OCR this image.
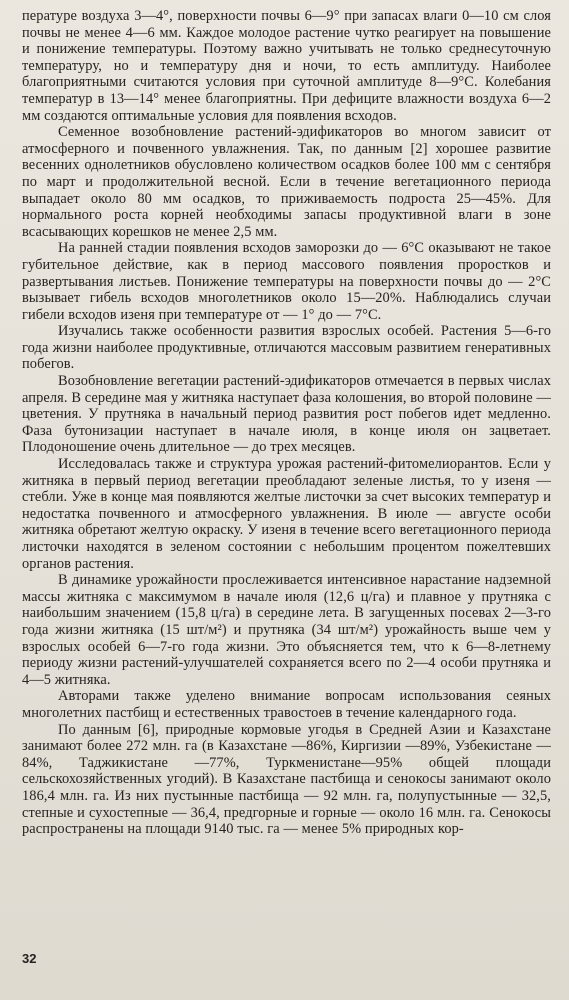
пературе воздуха 3—4°, поверхности почвы 6—9° при запасах влаги 0—10 см слоя почвы не менее 4—6 мм. Каждое молодое растение чутко реагирует на повышение и понижение температуры. Поэтому важно учитывать не только среднесуточную температуру, но и температуру дня и ночи, то есть амплитуду. Наиболее благоприятными считаются условия при суточной амплитуде 8—9°С. Колебания температур в 13—14° менее благоприятны. При дефиците влажности воздуха 6—2 мм создаются оптимальные условия для появления всходов.

Семенное возобновление растений-эдификаторов во многом зависит от атмосферного и почвенного увлажнения. Так, по данным [2] хорошее развитие весенних однолетников обусловлено количеством осадков более 100 мм с сентября по март и продолжительной весной. Если в течение вегетационного периода выпадает около 80 мм осадков, то приживаемость подроста 25—45%. Для нормального роста корней необходимы запасы продуктивной влаги в зоне всасывающих корешков не менее 2,5 мм.

На ранней стадии появления всходов заморозки до — 6°С оказывают не такое губительное действие, как в период массового появления проростков и развертывания листьев. Понижение температуры на поверхности почвы до — 2°С вызывает гибель всходов многолетников около 15—20%. Наблюдались случаи гибели всходов изеня при температуре от — 1° до — 7°С.

Изучались также особенности развития взрослых особей. Растения 5—6-го года жизни наиболее продуктивные, отличаются массовым развитием генеративных побегов.

Возобновление вегетации растений-эдификаторов отмечается в первых числах апреля. В середине мая у житняка наступает фаза колошения, во второй половине — цветения. У прутняка в начальный период развития рост побегов идет медленно. Фаза бутонизации наступает в начале июля, в конце июля он зацветает. Плодоношение очень длительное — до трех месяцев.

Исследовалась также и структура урожая растений-фитомелиорантов. Если у житняка в первый период вегетации преобладают зеленые листья, то у изеня — стебли. Уже в конце мая появляются желтые листочки за счет высоких температур и недостатка почвенного и атмосферного увлажнения. В июле — августе особи житняка обретают желтую окраску. У изеня в течение всего вегетационного периода листочки находятся в зеленом состоянии с небольшим процентом пожелтевших органов растения.

В динамике урожайности прослеживается интенсивное нарастание надземной массы житняка с максимумом в начале июля (12,6 ц/га) и плавное у прутняка с наибольшим значением (15,8 ц/га) в середине лета. В загущенных посевах 2—3-го года жизни житняка (15 шт/м²) и прутняка (34 шт/м²) урожайность выше чем у взрослых особей 6—7-го года жизни. Это объясняется тем, что к 6—8-летнему периоду жизни растений-улучшателей сохраняется всего по 2—4 особи прутняка и 4—5 житняка.

Авторами также уделено внимание вопросам использования сеяных многолетних пастбищ и естественных травостоев в течение календарного года.

По данным [6], природные кормовые угодья в Средней Азии и Казахстане занимают более 272 млн. га (в Казахстане —86%, Киргизии —89%, Узбекистане —84%, Таджикистане —77%, Туркменистане—95% общей площади сельскохозяйственных угодий). В Казахстане пастбища и сенокосы занимают около 186,4 млн. га. Из них пустынные пастбища — 92 млн. га, полупустынные — 32,5, степные и сухостепные — 36,4, предгорные и горные — около 16 млн. га. Сенокосы распространены на площади 9140 тыс. га — менее 5% природных кор-

32
